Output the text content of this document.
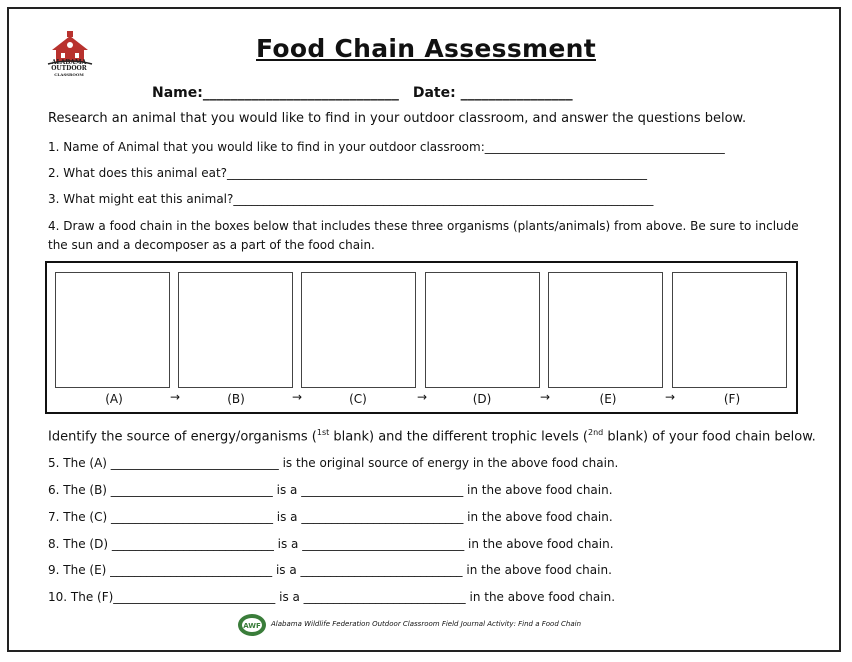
ALABAMA
OUTDOOR
CLASSROOM
Food Chain Assessment
Name:____________________________ Date: ________________
Research an animal that you would like to find in your outdoor classroom, and answer the questions below.
1. Name of Animal that you would like to find in your outdoor classroom:________________________________________
2. What does this animal eat?______________________________________________________________________
3. What might eat this animal?______________________________________________________________________
4. Draw a food chain in the boxes below that includes these three organisms (plants/animals) from above. Be sure to include
the sun and a decomposer as a part of the food chain.
(A)	(B)	(C)	(D)	(E)	(F)
→	→	→	→	→
Identify the source of energy/organisms ($^{1st}$ blank) and the different trophic levels ($^{2nd}$ blank) of your food chain below.
5. The (A) ____________________________ is the original source of energy in the above food chain.
6. The (B) ___________________________ is a ___________________________ in the above food chain.
7. The (C) ___________________________ is a ___________________________ in the above food chain.
8. The (D) ___________________________ is a ___________________________ in the above food chain.
9. The (E) ___________________________ is a ___________________________ in the above food chain.
10. The (F)___________________________ is a ___________________________ in the above food chain.
AWF	Alabama Wildlife Federation Outdoor Classroom Field Journal Activity: Find a Food Chain
